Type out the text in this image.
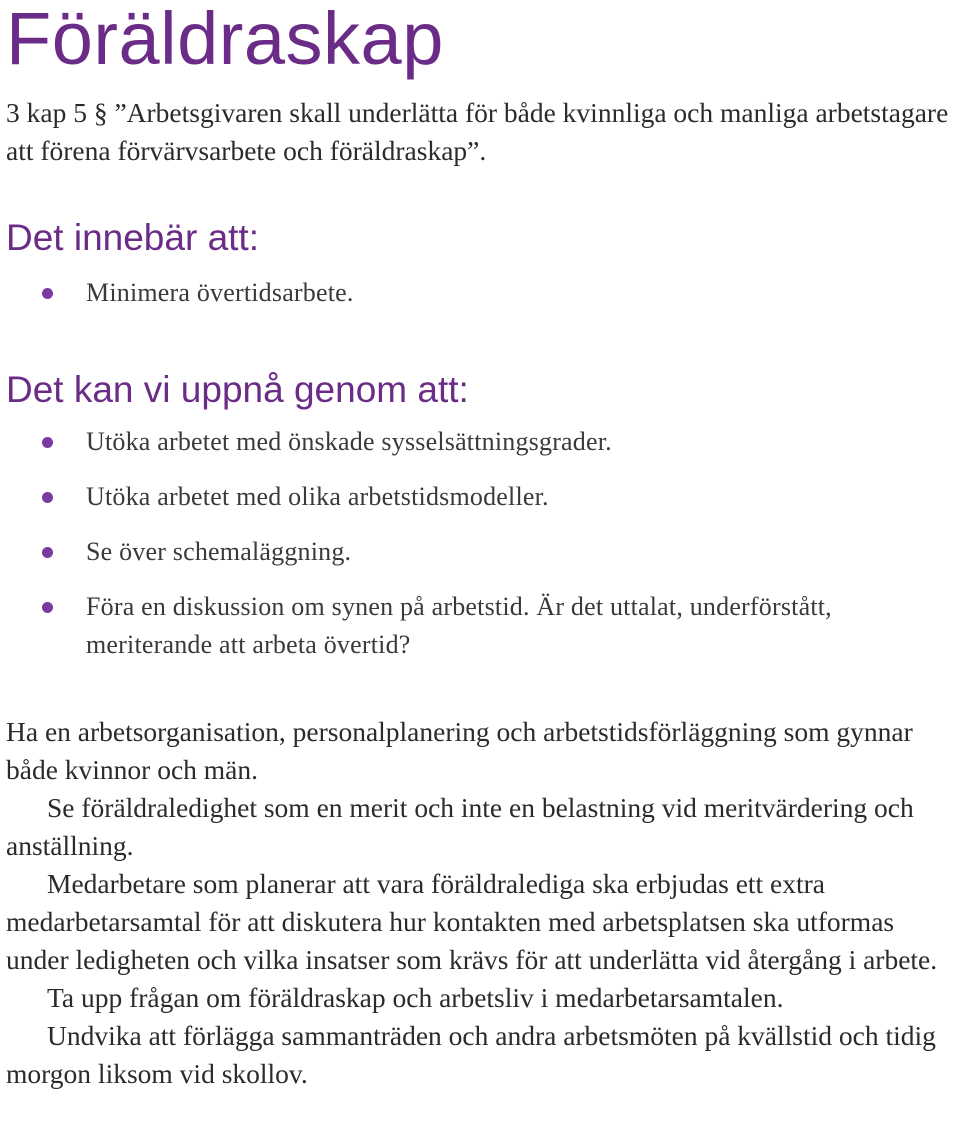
Föräldraskap
3 kap 5 § ”Arbetsgivaren skall underlätta för både kvinnliga och manliga arbetstagare att förena förvärvsarbete och föräldraskap”.
Det innebär att:
Minimera övertidsarbete.
Det kan vi uppnå genom att:
Utöka arbetet med önskade sysselsättningsgrader.
Utöka arbetet med olika arbetstidsmodeller.
Se över schemaläggning.
Föra en diskussion om synen på arbetstid. Är det uttalat, underförstått, meriterande att arbeta övertid?

Ha en arbetsorganisation, personalplanering och arbetstidsförläggning som gynnar både kvinnor och män.

Se föräldraledighet som en merit och inte en belastning vid meritvärdering och anställning.

Medarbetare som planerar att vara föräldralediga ska erbjudas ett extra medarbetarsamtal för att diskutera hur kontakten med arbetsplatsen ska utformas under ledigheten och vilka insatser som krävs för att underlätta vid återgång i arbete.

Ta upp frågan om föräldraskap och arbetsliv i medarbetarsamtalen.

Undvika att förlägga sammanträden och andra arbetsmöten på kvällstid och tidig morgon liksom vid skollov.
